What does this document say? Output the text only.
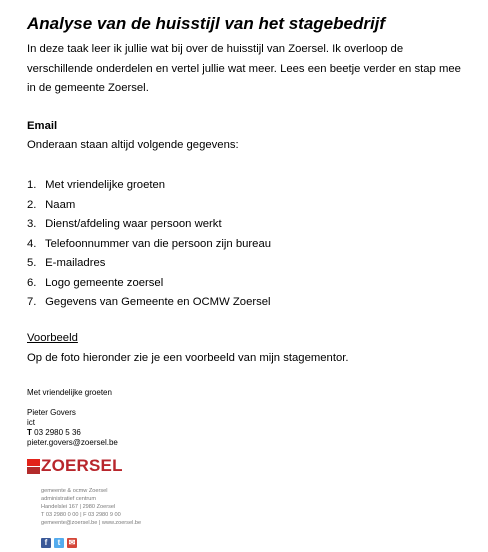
Analyse van de huisstijl van het stagebedrijf

In deze taak leer ik jullie wat bij over de huisstijl van Zoersel. Ik overloop de verschillende onderdelen en vertel jullie wat meer. Lees een beetje verder en stap mee in de gemeente Zoersel.

Email
Onderaan staan altijd volgende gegevens:
1. Met vriendelijke groeten
2. Naam
3. Dienst/afdeling waar persoon werkt
4. Telefoonnummer van die persoon zijn bureau
5. E-mailadres
6. Logo gemeente zoersel
7. Gegevens van Gemeente en OCMW Zoersel
Voorbeeld
Op de foto hieronder zie je een voorbeeld van mijn stagementor.
Met vriendelijke groeten
Pieter Govers
ict
T 03 2980 5 36
pieter.govers@zoersel.be
ZOERSEL
gemeente & ocmw Zoersel
administratief centrum
Handelslei 167 | 2980 Zoersel
T 03 2980 0 00 | F 03 2980 9 00
gemeente@zoersel.be | www.zoersel.be
f	t	✉
